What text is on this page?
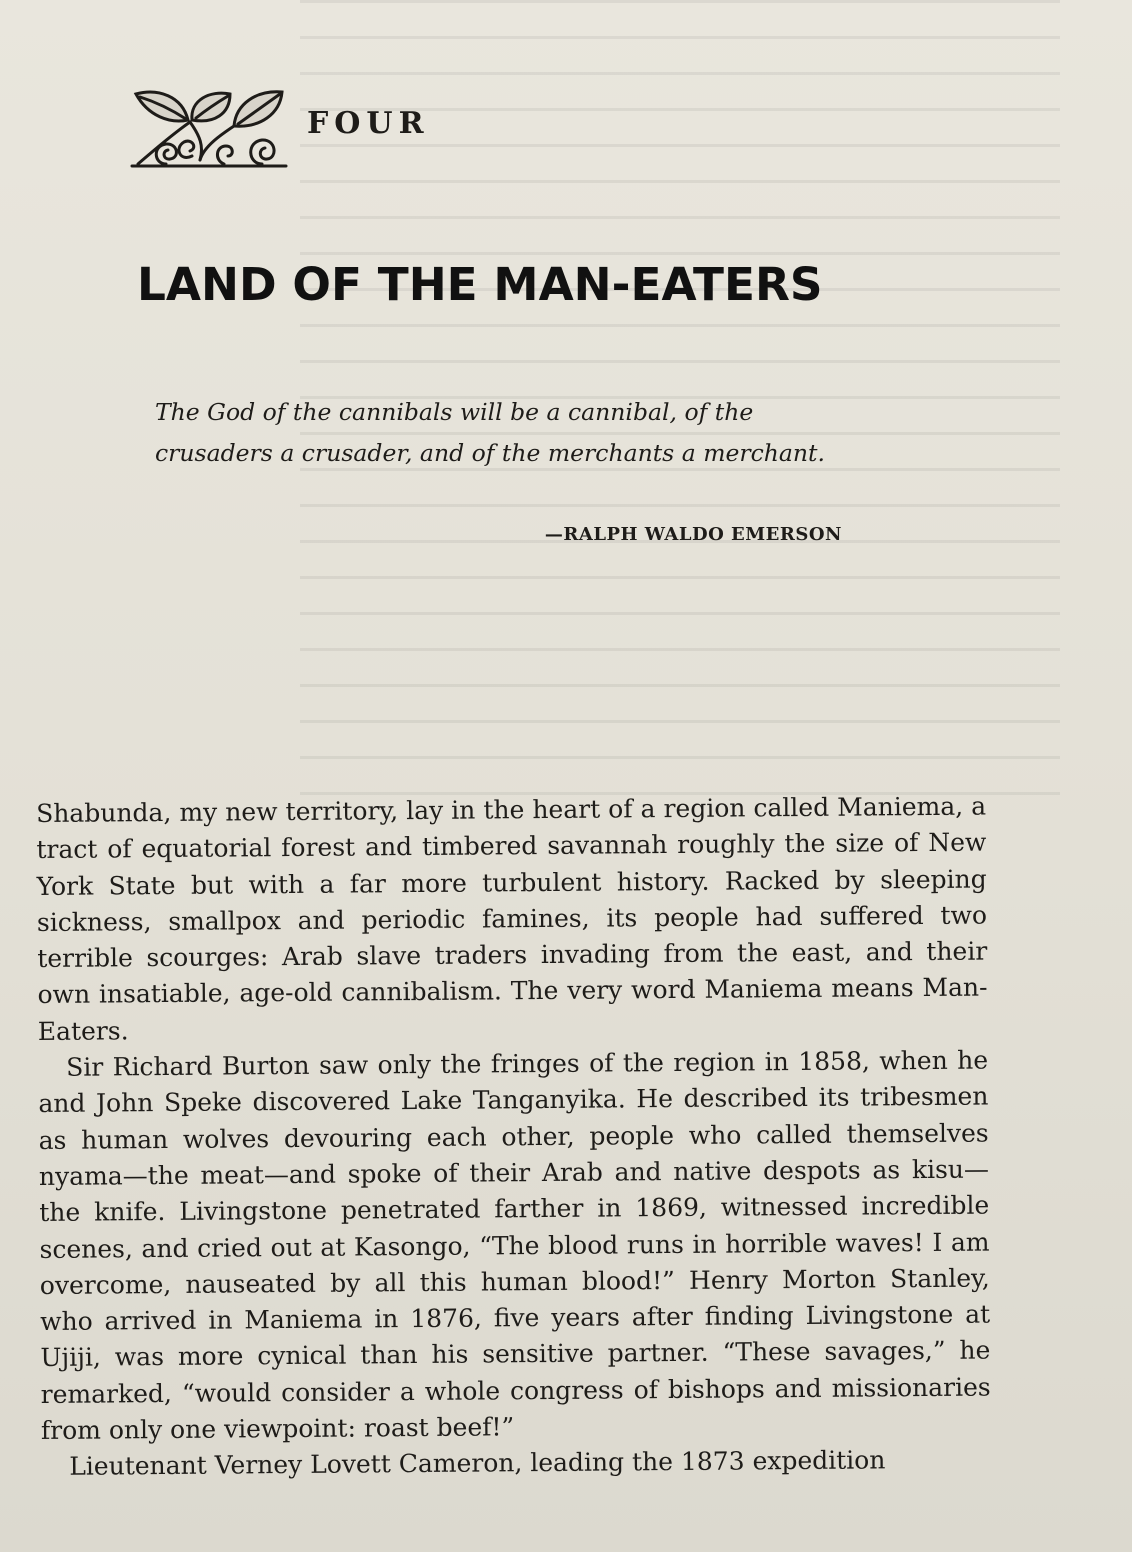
FOUR
LAND OF THE MAN-EATERS
The God of the cannibals will be a cannibal, of the crusaders a crusader, and of the merchants a merchant.
—RALPH WALDO EMERSON

Shabunda, my new territory, lay in the heart of a region called Maniema, a tract of equatorial forest and timbered savannah roughly the size of New York State but with a far more turbulent history. Racked by sleeping sickness, smallpox and periodic famines, its people had suffered two terrible scourges: Arab slave traders invading from the east, and their own insatiable, age-old cannibalism. The very word Maniema means Man-Eaters.

Sir Richard Burton saw only the fringes of the region in 1858, when he and John Speke discovered Lake Tanganyika. He described its tribesmen as human wolves devouring each other, people who called themselves nyama—the meat—and spoke of their Arab and native despots as kisu—the knife. Livingstone penetrated farther in 1869, witnessed incredible scenes, and cried out at Kasongo, “The blood runs in horrible waves! I am overcome, nauseated by all this human blood!” Henry Morton Stanley, who arrived in Maniema in 1876, five years after finding Livingstone at Ujiji, was more cynical than his sensitive partner. “These savages,” he remarked, “would consider a whole congress of bishops and missionaries from only one viewpoint: roast beef!”

Lieutenant Verney Lovett Cameron, leading the 1873 expedition
